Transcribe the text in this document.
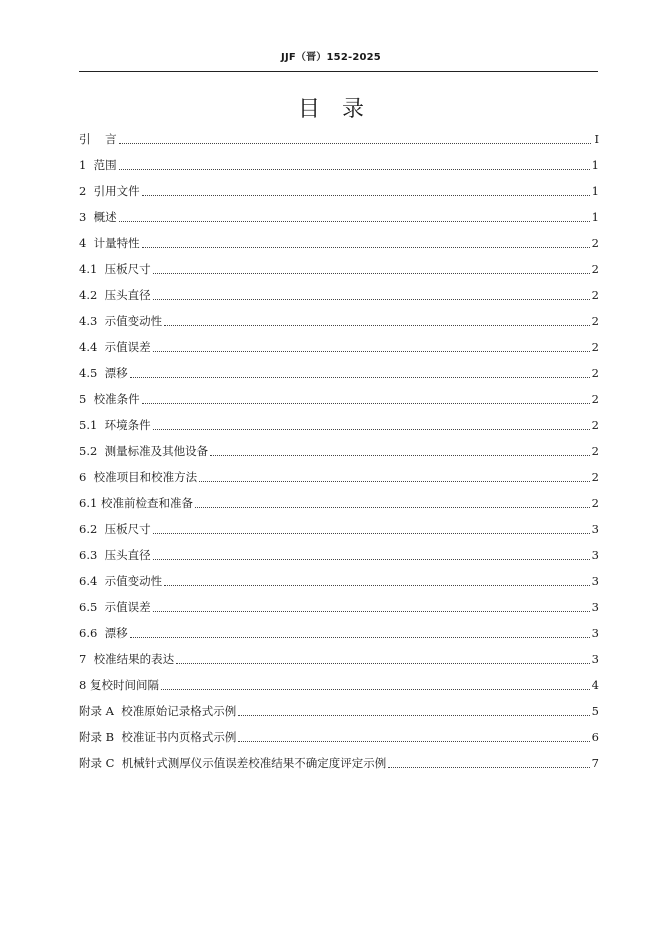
JJF（晋）152-2025
目录
引    言	I
1  范围	1
2  引用文件	1
3  概述	1
4  计量特性	2
4.1  压板尺寸	2
4.2  压头直径	2
4.3  示值变动性	2
4.4  示值误差	2
4.5  漂移	2
5  校准条件	2
5.1  环境条件	2
5.2  测量标准及其他设备	2
6  校准项目和校准方法	2
6.1 校准前检查和准备	2
6.2  压板尺寸	3
6.3  压头直径	3
6.4  示值变动性	3
6.5  示值误差	3
6.6  漂移	3
7  校准结果的表达	3
8 复校时间间隔	4
附录 A  校准原始记录格式示例	5
附录 B  校准证书内页格式示例	6
附录 C  机械针式测厚仪示值误差校准结果不确定度评定示例	7
